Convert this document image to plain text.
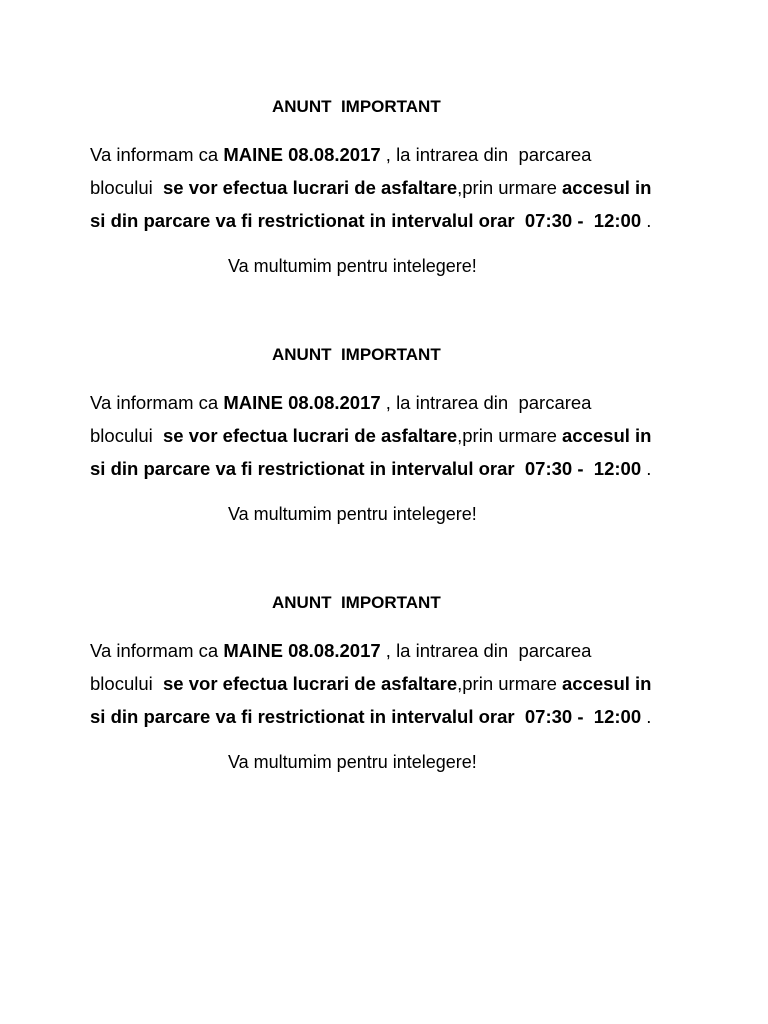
ANUNT  IMPORTANT
Va informam ca MAINE 08.08.2017 , la intrarea din  parcarea
blocului  se vor efectua lucrari de asfaltare,prin urmare accesul in
si din parcare va fi restrictionat in intervalul orar  07:30 -  12:00 .
Va multumim pentru intelegere!
ANUNT  IMPORTANT
Va informam ca MAINE 08.08.2017 , la intrarea din  parcarea
blocului  se vor efectua lucrari de asfaltare,prin urmare accesul in
si din parcare va fi restrictionat in intervalul orar  07:30 -  12:00 .
Va multumim pentru intelegere!
ANUNT  IMPORTANT
Va informam ca MAINE 08.08.2017 , la intrarea din  parcarea
blocului  se vor efectua lucrari de asfaltare,prin urmare accesul in
si din parcare va fi restrictionat in intervalul orar  07:30 -  12:00 .
Va multumim pentru intelegere!
